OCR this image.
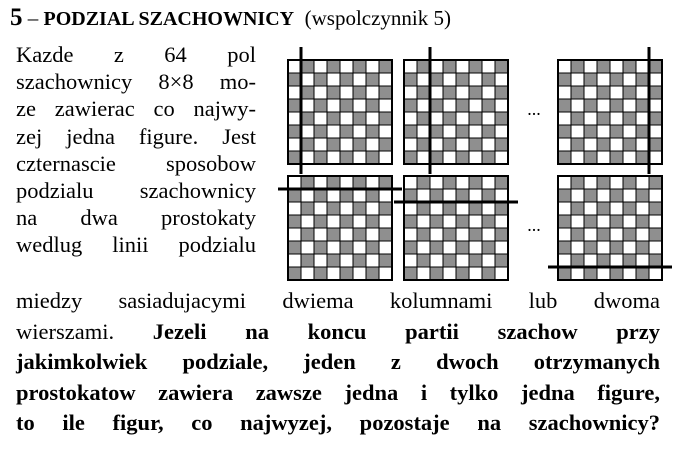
5 – PODZIAL SZACHOWNICY (wspolczynnik 5)
Kazde z 64 pol
szachownicy 8×8 mo-
ze zawierac co najwy-
zej jedna figure. Jest
czternascie sposobow
podzialu szachownicy
na dwa prostokaty
wedlug linii podzialu
miedzy sasiadujacymi dwiema kolumnami lub dwoma
wierszami. Jezeli na koncu partii szachow przy
jakimkolwiek podziale, jeden z dwoch otrzymanych
prostokatow zawiera zawsze jedna i tylko jedna figure,
to ile figur, co najwyzej, pozostaje na szachownicy?
...
...
